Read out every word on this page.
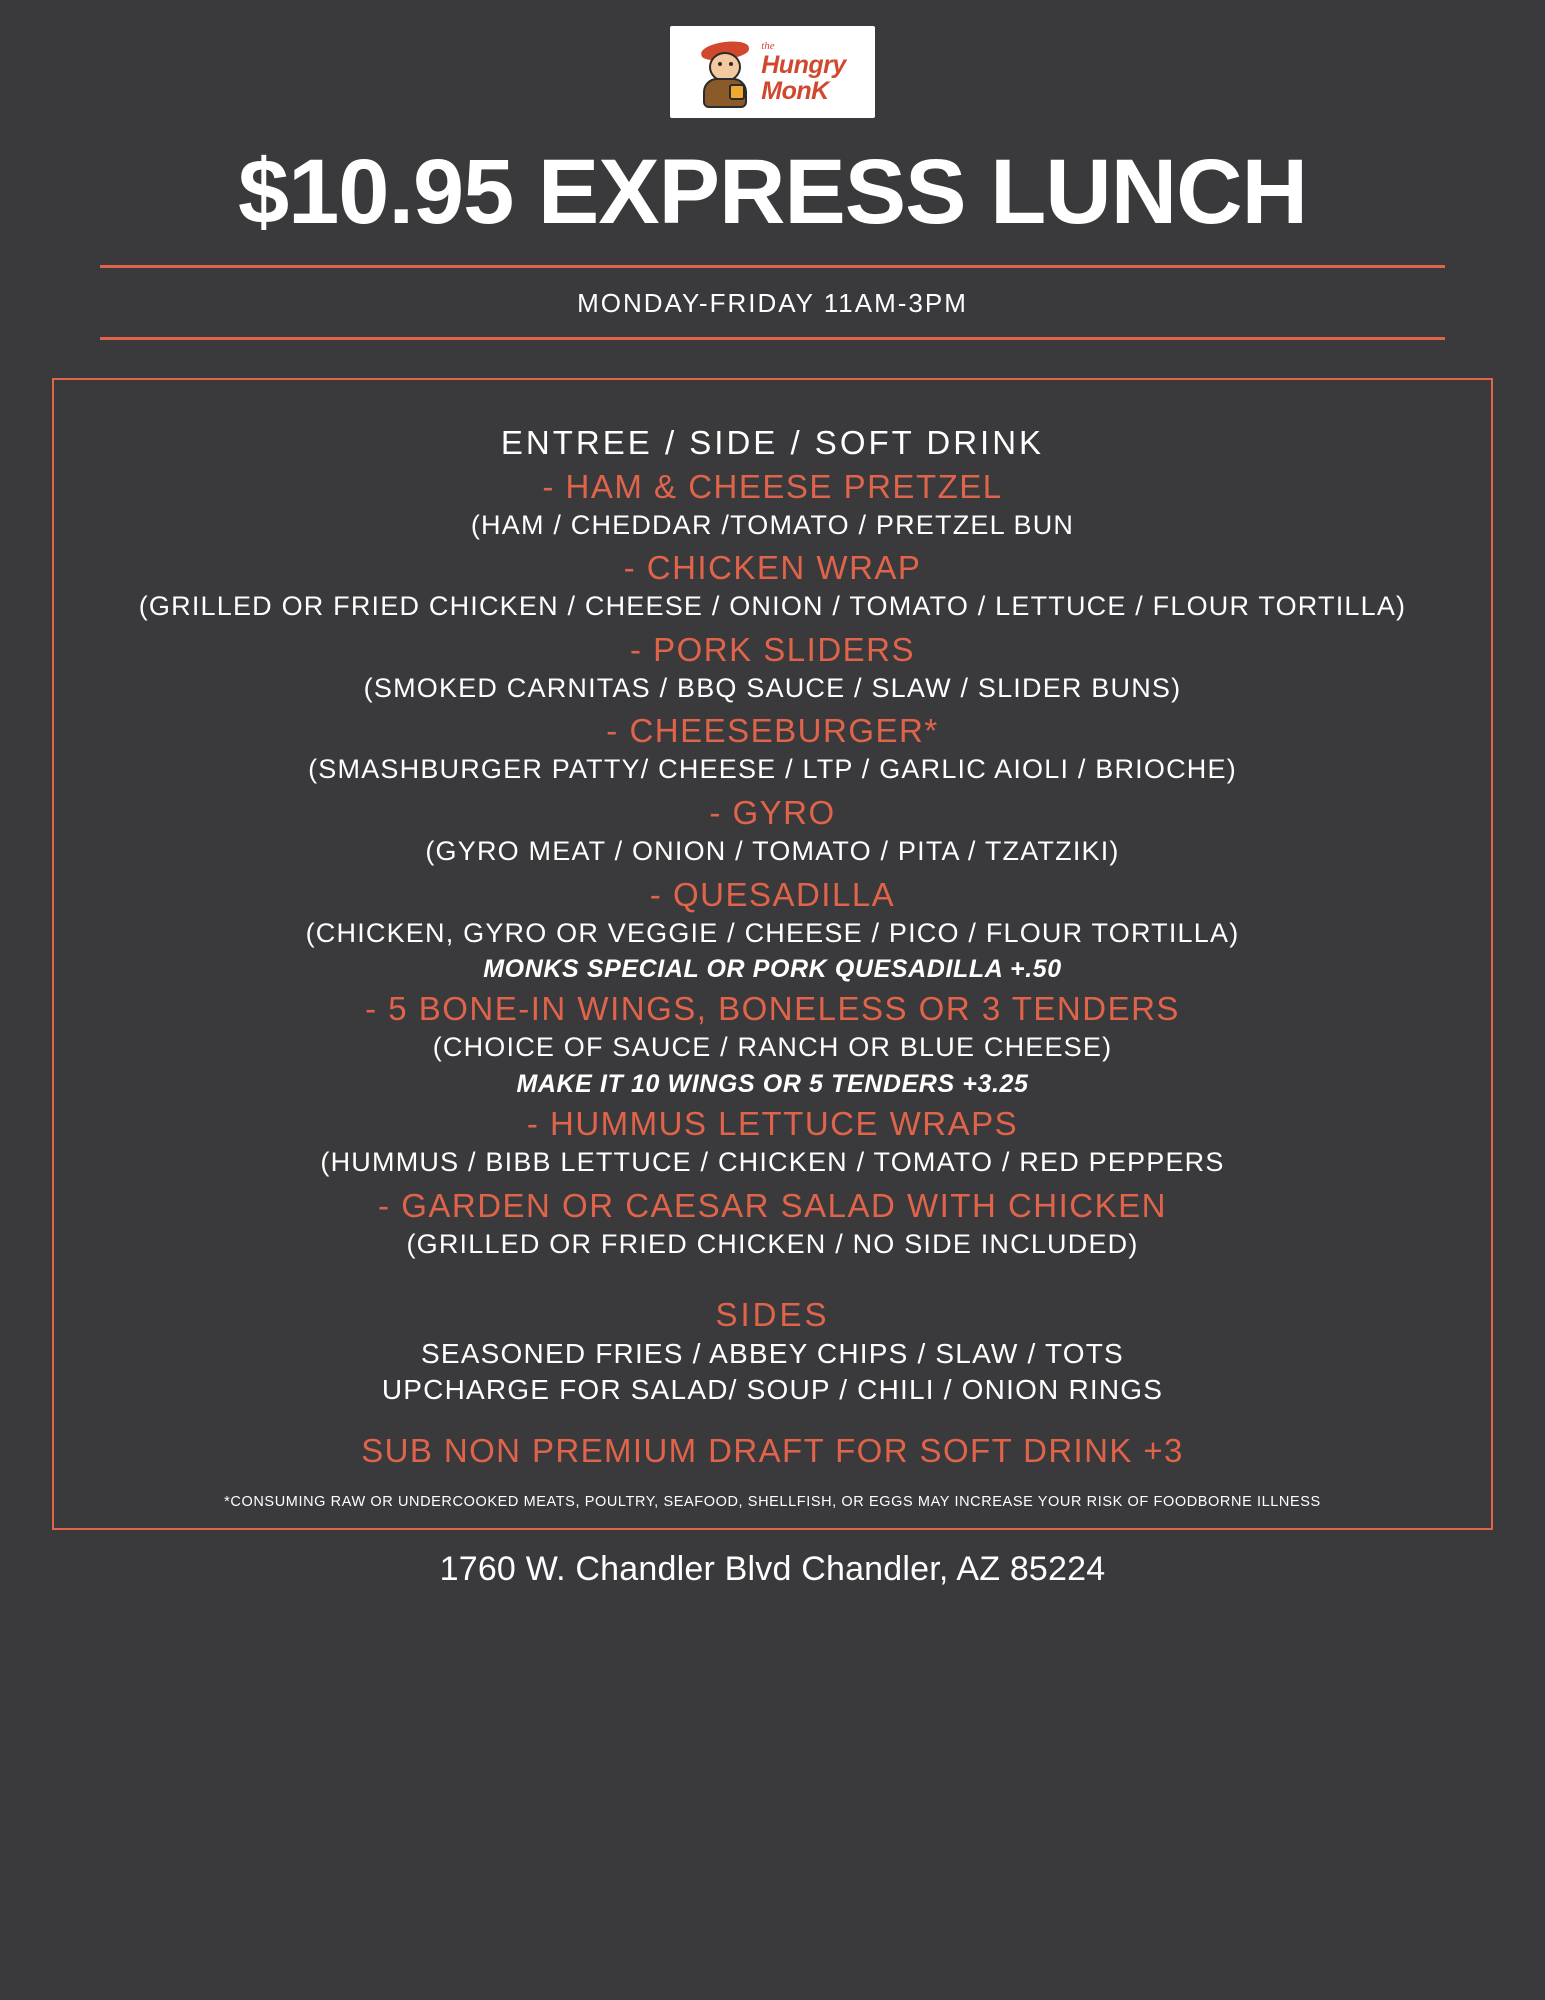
the
Hungry
MonK
$10.95 EXPRESS LUNCH
MONDAY-FRIDAY 11AM-3PM
ENTREE / SIDE / SOFT DRINK
- HAM & CHEESE PRETZEL
(HAM / CHEDDAR /TOMATO / PRETZEL BUN
- CHICKEN WRAP
(GRILLED OR FRIED CHICKEN / CHEESE / ONION / TOMATO / LETTUCE / FLOUR TORTILLA)
- PORK SLIDERS
(SMOKED CARNITAS / BBQ SAUCE / SLAW / SLIDER BUNS)
- CHEESEBURGER*
(SMASHBURGER PATTY/ CHEESE / LTP / GARLIC AIOLI / BRIOCHE)
- GYRO
(GYRO MEAT / ONION / TOMATO / PITA / TZATZIKI)
- QUESADILLA
(CHICKEN, GYRO OR VEGGIE / CHEESE / PICO / FLOUR TORTILLA)
MONKS SPECIAL OR PORK QUESADILLA +.50
- 5 BONE-IN WINGS, BONELESS OR 3 TENDERS
(CHOICE OF SAUCE / RANCH OR BLUE CHEESE)
MAKE IT 10 WINGS OR 5 TENDERS +3.25
- HUMMUS LETTUCE WRAPS
(HUMMUS / BIBB LETTUCE / CHICKEN / TOMATO / RED PEPPERS
- GARDEN OR CAESAR SALAD WITH CHICKEN
(GRILLED OR FRIED CHICKEN / NO SIDE INCLUDED)
SIDES
SEASONED FRIES / ABBEY CHIPS / SLAW / TOTS
UPCHARGE FOR SALAD/ SOUP / CHILI / ONION RINGS
SUB NON PREMIUM DRAFT FOR SOFT DRINK +3
*CONSUMING RAW OR UNDERCOOKED MEATS, POULTRY, SEAFOOD, SHELLFISH, OR EGGS MAY INCREASE YOUR RISK OF FOODBORNE ILLNESS
1760 W. Chandler Blvd Chandler, AZ 85224
